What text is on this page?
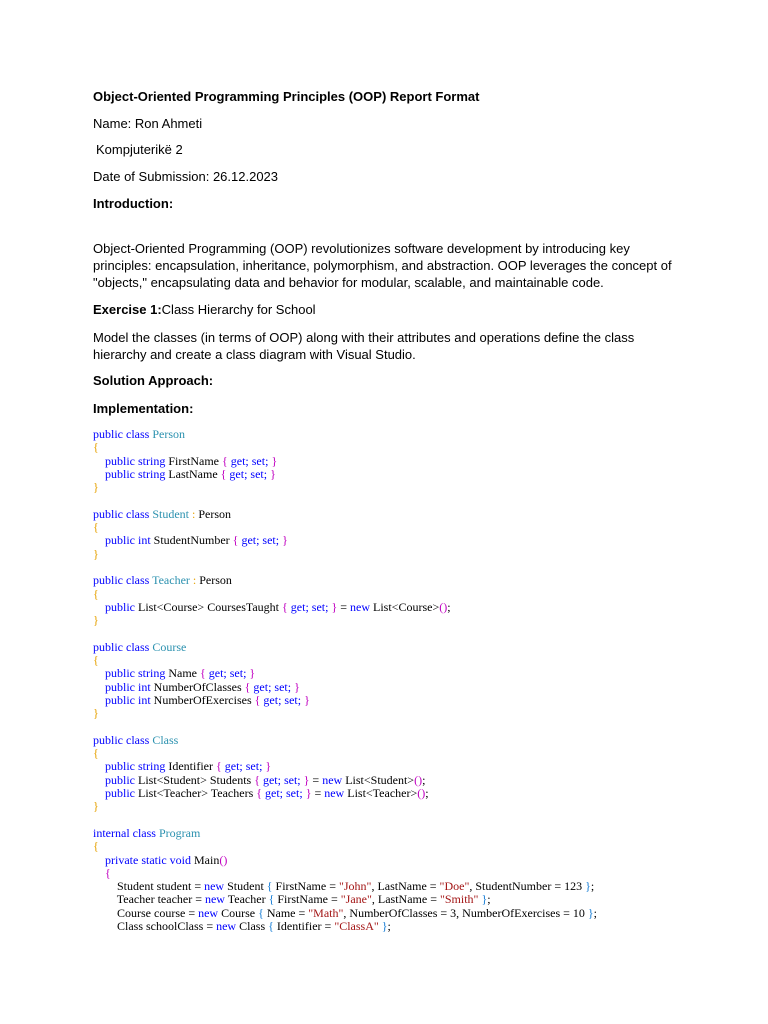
Object-Oriented Programming Principles (OOP) Report Format

Name: Ron Ahmeti

Kompjuterikë 2

Date of Submission: 26.12.2023

Introduction:

Object-Oriented Programming (OOP) revolutionizes software development by introducing key principles: encapsulation, inheritance, polymorphism, and abstraction. OOP leverages the concept of "objects," encapsulating data and behavior for modular, scalable, and maintainable code.

Exercise 1:Class Hierarchy for School

Model the classes (in terms of OOP) along with their attributes and operations define the class hierarchy and create a class diagram with Visual Studio.

Solution Approach:

Implementation:

public class Person
{
public string FirstName { get; set; }
public string LastName { get; set; }
}

public class Student : Person
{
public int StudentNumber { get; set; }
}

public class Teacher : Person
{
public List<Course> CoursesTaught { get; set; } = new List<Course>();
}

public class Course
{
public string Name { get; set; }
public int NumberOfClasses { get; set; }
public int NumberOfExercises { get; set; }
}

public class Class
{
public string Identifier { get; set; }
public List<Student> Students { get; set; } = new List<Student>();
public List<Teacher> Teachers { get; set; } = new List<Teacher>();
}

internal class Program
{
private static void Main()
{
Student student = new Student { FirstName = "John", LastName = "Doe", StudentNumber = 123 };
Teacher teacher = new Teacher { FirstName = "Jane", LastName = "Smith" };
Course course = new Course { Name = "Math", NumberOfClasses = 3, NumberOfExercises = 10 };
Class schoolClass = new Class { Identifier = "ClassA" };
